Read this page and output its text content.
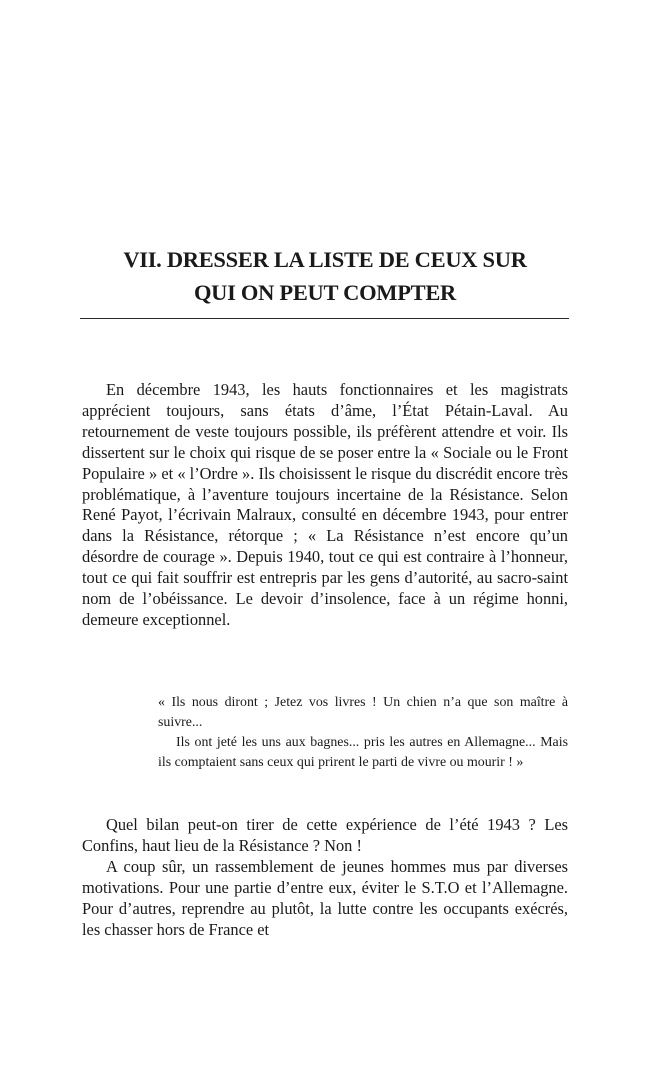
VII. DRESSER LA LISTE DE CEUX SUR
QUI ON PEUT COMPTER

En décembre 1943, les hauts fonctionnaires et les magistrats apprécient toujours, sans états d’âme, l’État Pétain-Laval. Au retournement de veste toujours possible, ils préfèrent attendre et voir. Ils dissertent sur le choix qui risque de se poser entre la « Sociale ou le Front Populaire » et « l’Ordre ». Ils choisissent le risque du discrédit encore très problématique, à l’aventure toujours incertaine de la Résistance. Selon René Payot, l’écrivain Malraux, consulté en décembre 1943, pour entrer dans la Résistance, rétorque ; « La Résistance n’est encore qu’un désordre de courage ». Depuis 1940, tout ce qui est contraire à l’honneur, tout ce qui fait souffrir est entrepris par les gens d’autorité, au sacro-saint nom de l’obéissance. Le devoir d’insolence, face à un régime honni, demeure exceptionnel.

« Ils nous diront ; Jetez vos livres ! Un chien n’a que son maître à suivre...

Ils ont jeté les uns aux bagnes... pris les autres en Allemagne... Mais ils comptaient sans ceux qui prirent le parti de vivre ou mourir ! »

Quel bilan peut-on tirer de cette expérience de l’été 1943 ? Les Confins, haut lieu de la Résistance ? Non !

A coup sûr, un rassemblement de jeunes hommes mus par diverses motivations. Pour une partie d’entre eux, éviter le S.T.O et l’Allemagne. Pour d’autres, reprendre au plutôt, la lutte contre les occupants exécrés, les chasser hors de France et
